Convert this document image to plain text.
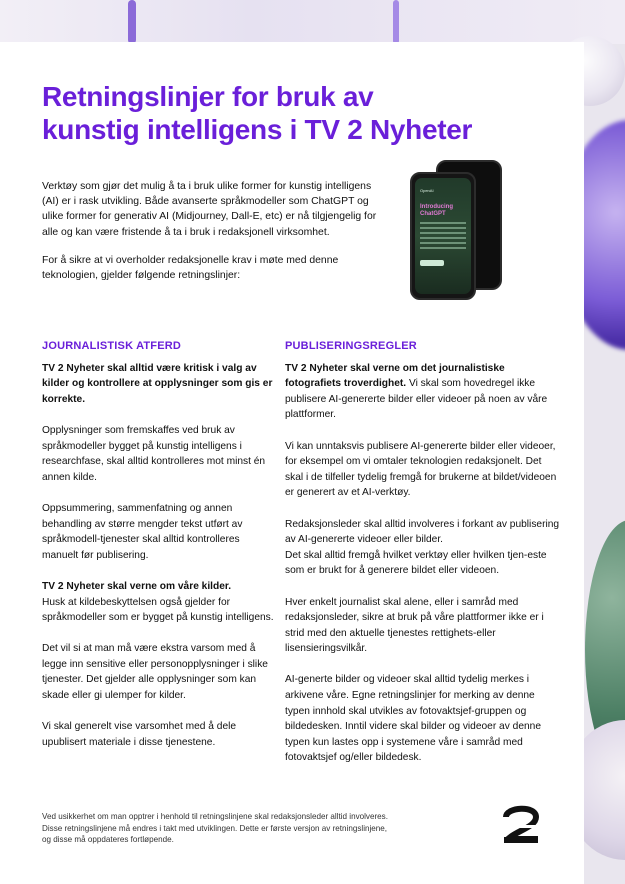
Retningslinjer for bruk av
kunstig intelligens i TV 2 Nyheter

Verktøy som gjør det mulig å ta i bruk ulike former for kunstig intelligens (AI) er i rask utvikling. Både avanserte språkmodeller som ChatGPT og ulike former for generativ AI (Midjourney, Dall-E, etc) er nå tilgjengelig for alle og kan være fristende å ta i bruk i redaksjonell virksomhet.

For å sikre at vi overholder redaksjonelle krav i møte med denne teknologien, gjelder følgende retningslinjer:

OpenAI
Introducing
ChatGPT
JOURNALISTISK ATFERD

TV 2 Nyheter skal alltid være kritisk i valg av kilder og kontrollere at opplysninger som gis er korrekte.

Opplysninger som fremskaffes ved bruk av språkmodeller bygget på kunstig intelligens i researchfase, skal alltid kontrolleres mot minst én annen kilde.

Oppsummering, sammenfatning og annen behandling av større mengder tekst utført av språkmodell-tjenester skal alltid kontrolleres manuelt før publisering.

TV 2 Nyheter skal verne om våre kilder.
Husk at kildebeskyttelsen også gjelder for språkmodeller som er bygget på kunstig intelligens.

Det vil si at man må være ekstra varsom med å legge inn sensitive eller personopplysninger i slike tjenester. Det gjelder alle opplysninger som kan skade eller gi ulemper for kilder.

Vi skal generelt vise varsomhet med å dele upublisert materiale i disse tjenestene.

PUBLISERINGSREGLER

TV 2 Nyheter skal verne om det journalistiske fotografiets troverdighet. Vi skal som hovedregel ikke publisere AI-genererte bilder eller videoer på noen av våre plattformer.

Vi kan unntaksvis publisere AI-genererte bilder eller videoer, for eksempel om vi omtaler teknologien redaksjonelt. Det skal i de tilfeller tydelig fremgå for brukerne at bildet/videoen er generert av et AI-verktøy.

Redaksjonsleder skal alltid involveres i forkant av publisering av AI-genererte videoer eller bilder.
Det skal alltid fremgå hvilket verktøy eller hvilken tjen-este som er brukt for å generere bildet eller videoen.

Hver enkelt journalist skal alene, eller i samråd med redaksjonsleder, sikre at bruk på våre plattformer ikke er i strid med den aktuelle tjenestes rettighets-eller lisensieringsvilkår.

AI-generte bilder og videoer skal alltid tydelig merkes i arkivene våre. Egne retningslinjer for merking av denne typen innhold skal utvikles av fotovaktsjef-gruppen og bildedesken. Inntil videre skal bilder og videoer av denne typen kun lastes opp i systemene våre i samråd med fotovaktsjef og/eller bildedesk.

Ved usikkerhet om man opptrer i henhold til retningslinjene skal redaksjonsleder alltid involveres.

Disse retningslinjene må endres i takt med utviklingen. Dette er første versjon av retningslinjene,

og disse må oppdateres fortløpende.
